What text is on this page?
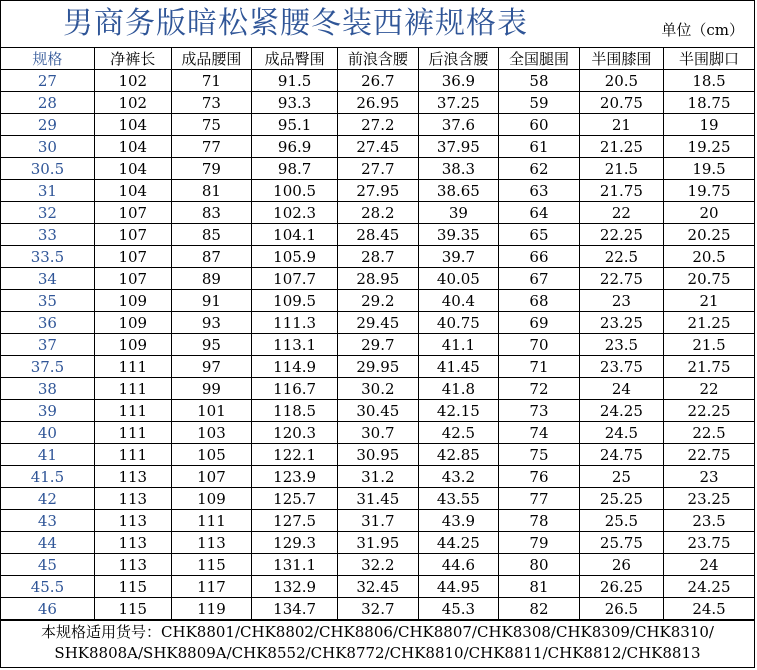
男商务版暗松紧腰冬装西裤规格表	单位（cm）
规格	净裤长	成品腰围	成品臀围	前浪含腰	后浪含腰	全国腿围	半围膝围	半围脚口
27	102	71	91.5	26.7	36.9	58	20.5	18.5
28	102	73	93.3	26.95	37.25	59	20.75	18.75
29	104	75	95.1	27.2	37.6	60	21	19
30	104	77	96.9	27.45	37.95	61	21.25	19.25
30.5	104	79	98.7	27.7	38.3	62	21.5	19.5
31	104	81	100.5	27.95	38.65	63	21.75	19.75
32	107	83	102.3	28.2	39	64	22	20
33	107	85	104.1	28.45	39.35	65	22.25	20.25
33.5	107	87	105.9	28.7	39.7	66	22.5	20.5
34	107	89	107.7	28.95	40.05	67	22.75	20.75
35	109	91	109.5	29.2	40.4	68	23	21
36	109	93	111.3	29.45	40.75	69	23.25	21.25
37	109	95	113.1	29.7	41.1	70	23.5	21.5
37.5	111	97	114.9	29.95	41.45	71	23.75	21.75
38	111	99	116.7	30.2	41.8	72	24	22
39	111	101	118.5	30.45	42.15	73	24.25	22.25
40	111	103	120.3	30.7	42.5	74	24.5	22.5
41	111	105	122.1	30.95	42.85	75	24.75	22.75
41.5	113	107	123.9	31.2	43.2	76	25	23
42	113	109	125.7	31.45	43.55	77	25.25	23.25
43	113	111	127.5	31.7	43.9	78	25.5	23.5
44	113	113	129.3	31.95	44.25	79	25.75	23.75
45	113	115	131.1	32.2	44.6	80	26	24
45.5	115	117	132.9	32.45	44.95	81	26.25	24.25
46	115	119	134.7	32.7	45.3	82	26.5	24.5
本规格适用货号：CHK8801/CHK8802/CHK8806/CHK8807/CHK8308/CHK8309/CHK8310/
SHK8808A/SHK8809A/CHK8552/CHK8772/CHK8810/CHK8811/CHK8812/CHK8813
